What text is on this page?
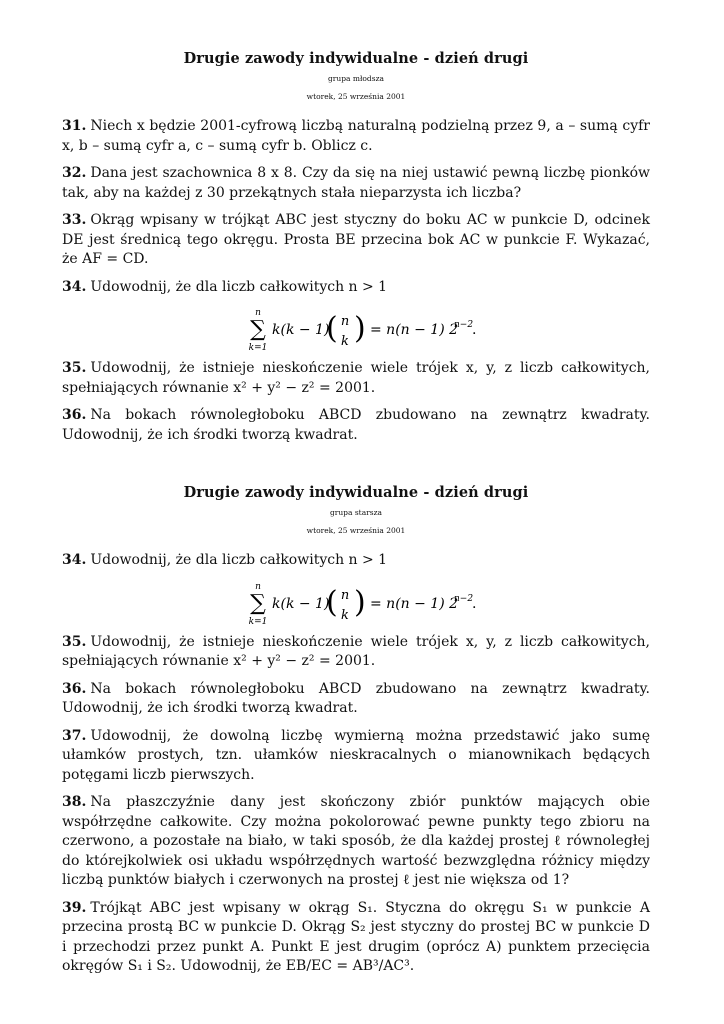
Drugie zawody indywidualne - dzień drugi
grupa młodsza
wtorek, 25 września 2001

31. Niech x będzie 2001-cyfrową liczbą naturalną podzielną przez 9, a – sumą cyfr x, b – sumą cyfr a, c – sumą cyfr b. Oblicz c.

32. Dana jest szachownica 8 x 8. Czy da się na niej ustawić pewną liczbę pionków tak, aby na każdej z 30 przekątnych stała nieparzysta ich liczba?

33. Okrąg wpisany w trójkąt ABC jest styczny do boku AC w punkcie D, odcinek DE jest średnicą tego okręgu. Prosta BE przecina bok AC w punkcie F. Wykazać, że AF = CD.

34. Udowodnij, że dla liczb całkowitych n > 1

n
∑
k=1
k(k − 1)
( n
k ) = n(n − 1) 2
n−2
.

35. Udowodnij, że istnieje nieskończenie wiele trójek x, y, z liczb całkowitych, spełniających równanie x² + y² − z² = 2001.

36. Na bokach równoległoboku ABCD zbudowano na zewnątrz kwadraty. Udowodnij, że ich środki tworzą kwadrat.

Drugie zawody indywidualne - dzień drugi
grupa starsza
wtorek, 25 września 2001

34. Udowodnij, że dla liczb całkowitych n > 1

n
∑
k=1
k(k − 1)
( n
k ) = n(n − 1) 2
n−2
.

35. Udowodnij, że istnieje nieskończenie wiele trójek x, y, z liczb całkowitych, spełniających równanie x² + y² − z² = 2001.

36. Na bokach równoległoboku ABCD zbudowano na zewnątrz kwadraty. Udowodnij, że ich środki tworzą kwadrat.

37. Udowodnij, że dowolną liczbę wymierną można przedstawić jako sumę ułamków prostych, tzn. ułamków nieskracalnych o mianownikach będących potęgami liczb pierwszych.

38. Na płaszczyźnie dany jest skończony zbiór punktów mających obie współrzędne całkowite. Czy można pokolorować pewne punkty tego zbioru na czerwono, a pozostałe na biało, w taki sposób, że dla każdej prostej ℓ równoległej do którejkolwiek osi układu współrzędnych wartość bezwzględna różnicy między liczbą punktów białych i czerwonych na prostej ℓ jest nie większa od 1?

39. Trójkąt ABC jest wpisany w okrąg S₁. Styczna do okręgu S₁ w punkcie A przecina prostą BC w punkcie D. Okrąg S₂ jest styczny do prostej BC w punkcie D i przechodzi przez punkt A. Punkt E jest drugim (oprócz A) punktem przecięcia okręgów S₁ i S₂. Udowodnij, że EB/EC = AB³/AC³.
